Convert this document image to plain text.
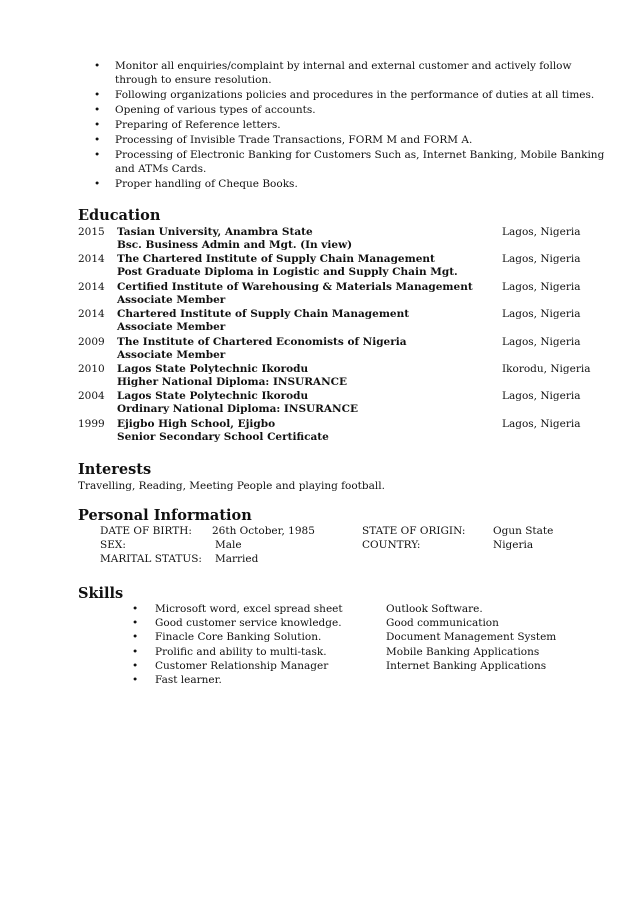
• Monitor all enquiries/complaint by internal and external customer and actively follow through to ensure resolution.
• Following organizations policies and procedures in the performance of duties at all times.
• Opening of various types of accounts.
• Preparing of Reference letters.
• Processing of Invisible Trade Transactions, FORM M and FORM A.
• Processing of Electronic Banking for Customers Such as, Internet Banking, Mobile Banking and ATMs Cards.
• Proper handling of Cheque Books.
Education
2015 Tasian University, Anambra State
Bsc. Business Admin and Mgt. (In view)
Lagos, Nigeria
2014 The Chartered Institute of Supply Chain Management
Post Graduate Diploma in Logistic and Supply Chain Mgt.
Lagos, Nigeria
2014 Certified Institute of Warehousing & Materials Management
Associate Member
Lagos, Nigeria
2014 Chartered Institute of Supply Chain Management
Associate Member
Lagos, Nigeria
2009 The Institute of Chartered Economists of Nigeria
Associate Member
Lagos, Nigeria
2010 Lagos State Polytechnic Ikorodu
Higher National Diploma: INSURANCE
Ikorodu, Nigeria
2004 Lagos State Polytechnic Ikorodu
Ordinary National Diploma: INSURANCE
Lagos, Nigeria
1999 Ejigbo High School, Ejigbo
Senior Secondary School Certificate
Lagos, Nigeria
Interests
Travelling, Reading, Meeting People and playing football.
Personal Information
DATE OF BIRTH: 26th October, 1985	STATE OF ORIGIN:	Ogun State
SEX:	Male	COUNTRY:	Nigeria
MARITAL STATUS: Married
Skills
• Microsoft word, excel spread sheet	Outlook Software.
• Good customer service knowledge.	Good communication
• Finacle Core Banking Solution.	Document Management System
• Prolific and ability to multi-task.	Mobile Banking Applications
• Customer Relationship Manager	Internet Banking Applications
• Fast learner.
